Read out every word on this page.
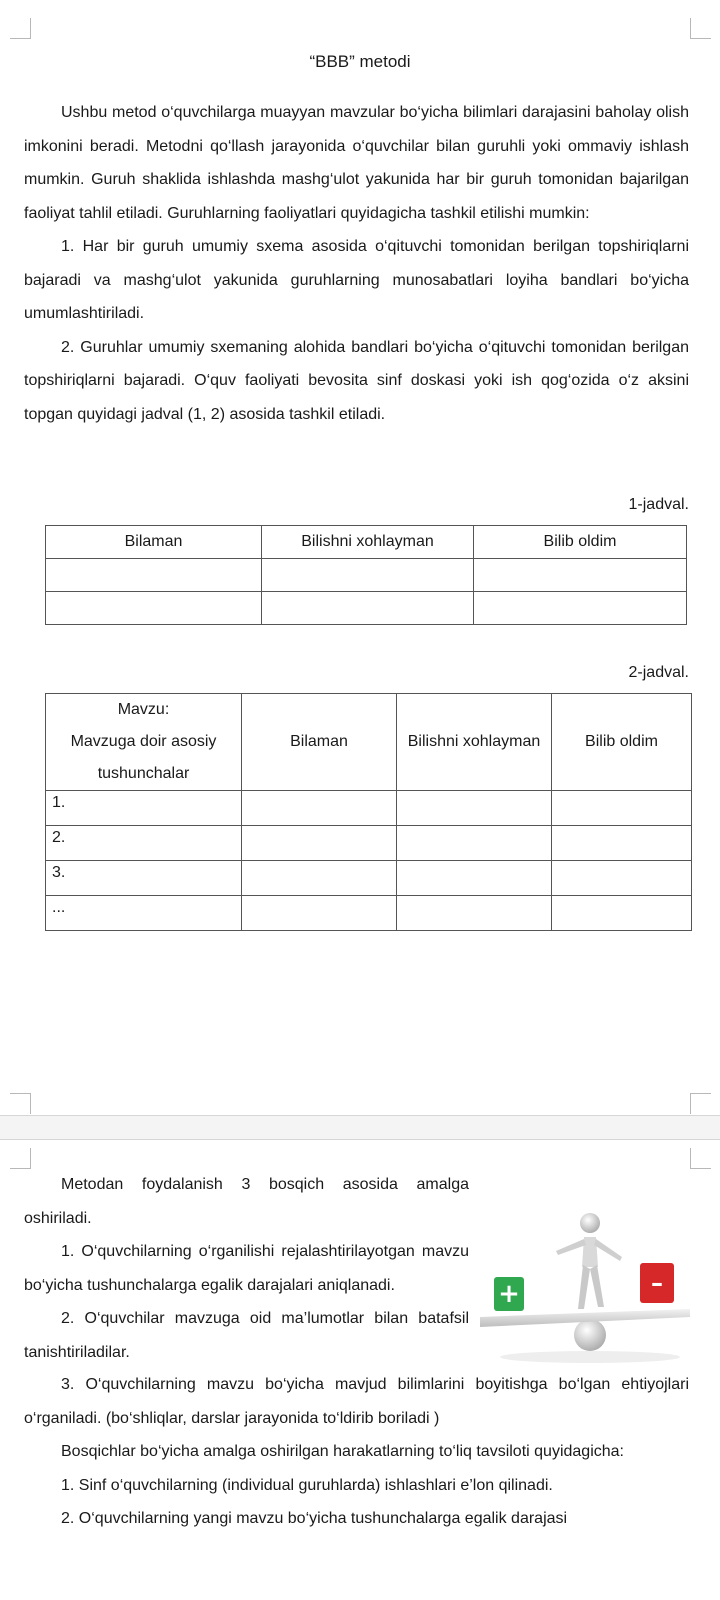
“BBB” metodi

Ushbu metod o‘quvchilarga muayyan mavzular bo‘yicha bilimlari darajasini baholay olish imkonini beradi. Metodni qo‘llash jarayonida o‘quvchilar bilan guruhli yoki ommaviy ishlash mumkin. Guruh shaklida ishlashda mashg‘ulot yakunida har bir guruh tomonidan bajarilgan faoliyat tahlil etiladi. Guruhlarning faoliyatlari quyidagicha tashkil etilishi mumkin:

1. Har bir guruh umumiy sxema asosida o‘qituvchi tomonidan berilgan topshiriqlarni bajaradi va mashg‘ulot yakunida guruhlarning munosabatlari loyiha bandlari bo‘yicha umumlashtiriladi.

2. Guruhlar umumiy sxemaning alohida bandlari bo‘yicha o‘qituvchi tomonidan berilgan topshiriqlarni bajaradi. O‘quv faoliyati bevosita sinf doskasi yoki ish qog‘ozida o‘z aksini topgan quyidagi jadval (1, 2) asosida tashkil etiladi.

1-jadval.
Bilaman	Bilishni xohlayman	Bilib oldim

2-jadval.
Mavzu:
Mavzuga doir asosiy tushunchalar	Bilaman	Bilishni xohlayman	Bilib oldim
1.			
2.			
3.			
...			

Metodan foydalanish 3 bosqich asosida amalga oshiriladi.

1. O‘quvchilarning o‘rganilishi rejalashtirilayotgan mavzu bo‘yicha tushunchalarga egalik darajalari aniqlanadi.

2. O‘quvchilar mavzuga oid ma’lumotlar bilan batafsil tanishtiriladilar.

3. O‘quvchilarning mavzu bo‘yicha mavjud bilimlarini boyitishga bo‘lgan ehtiyojlari o‘rganiladi. (bo‘shliqlar, darslar jarayonida to‘ldirib boriladi )

Bosqichlar bo‘yicha amalga oshirilgan harakatlarning to‘liq tavsiloti quyidagicha:

1. Sinf o‘quvchilarning (individual guruhlarda) ishlashlari e’lon qilinadi.

2. O‘quvchilarning yangi mavzu bo‘yicha tushunchalarga egalik darajasi

+	–
